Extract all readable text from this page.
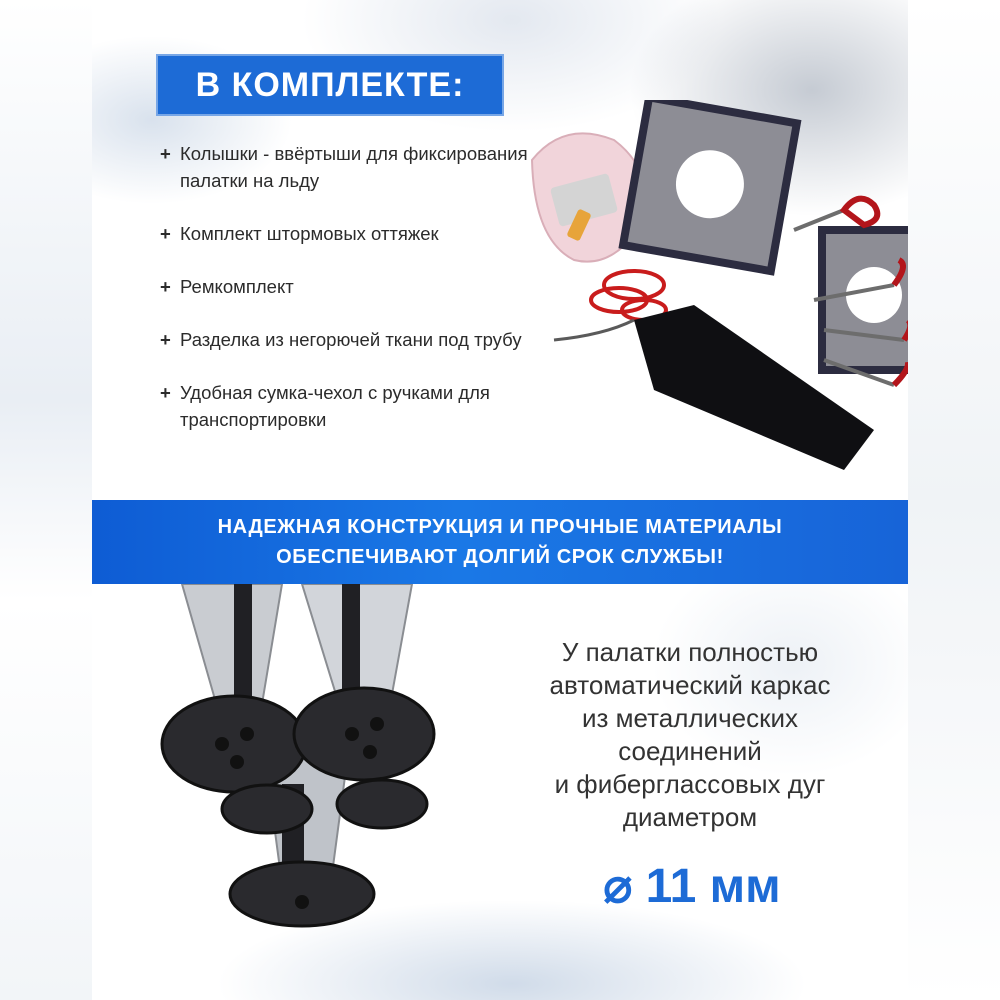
В КОМПЛЕКТЕ:
+ Колышки - ввёртыши для фиксирования палатки на льду
+ Комплект штормовых оттяжек
+ Ремкомплект
+ Разделка из негорючей ткани под трубу
+ Удобная сумка-чехол с ручками для транспортировки
НАДЕЖНАЯ КОНСТРУКЦИЯ И ПРОЧНЫЕ МАТЕРИАЛЫ
ОБЕСПЕЧИВАЮТ ДОЛГИЙ СРОК СЛУЖБЫ!
У палатки полностью
автоматический каркас
из металлических
соединений
и фиберглассовых дуг
диаметром
⌀ 11 мм
